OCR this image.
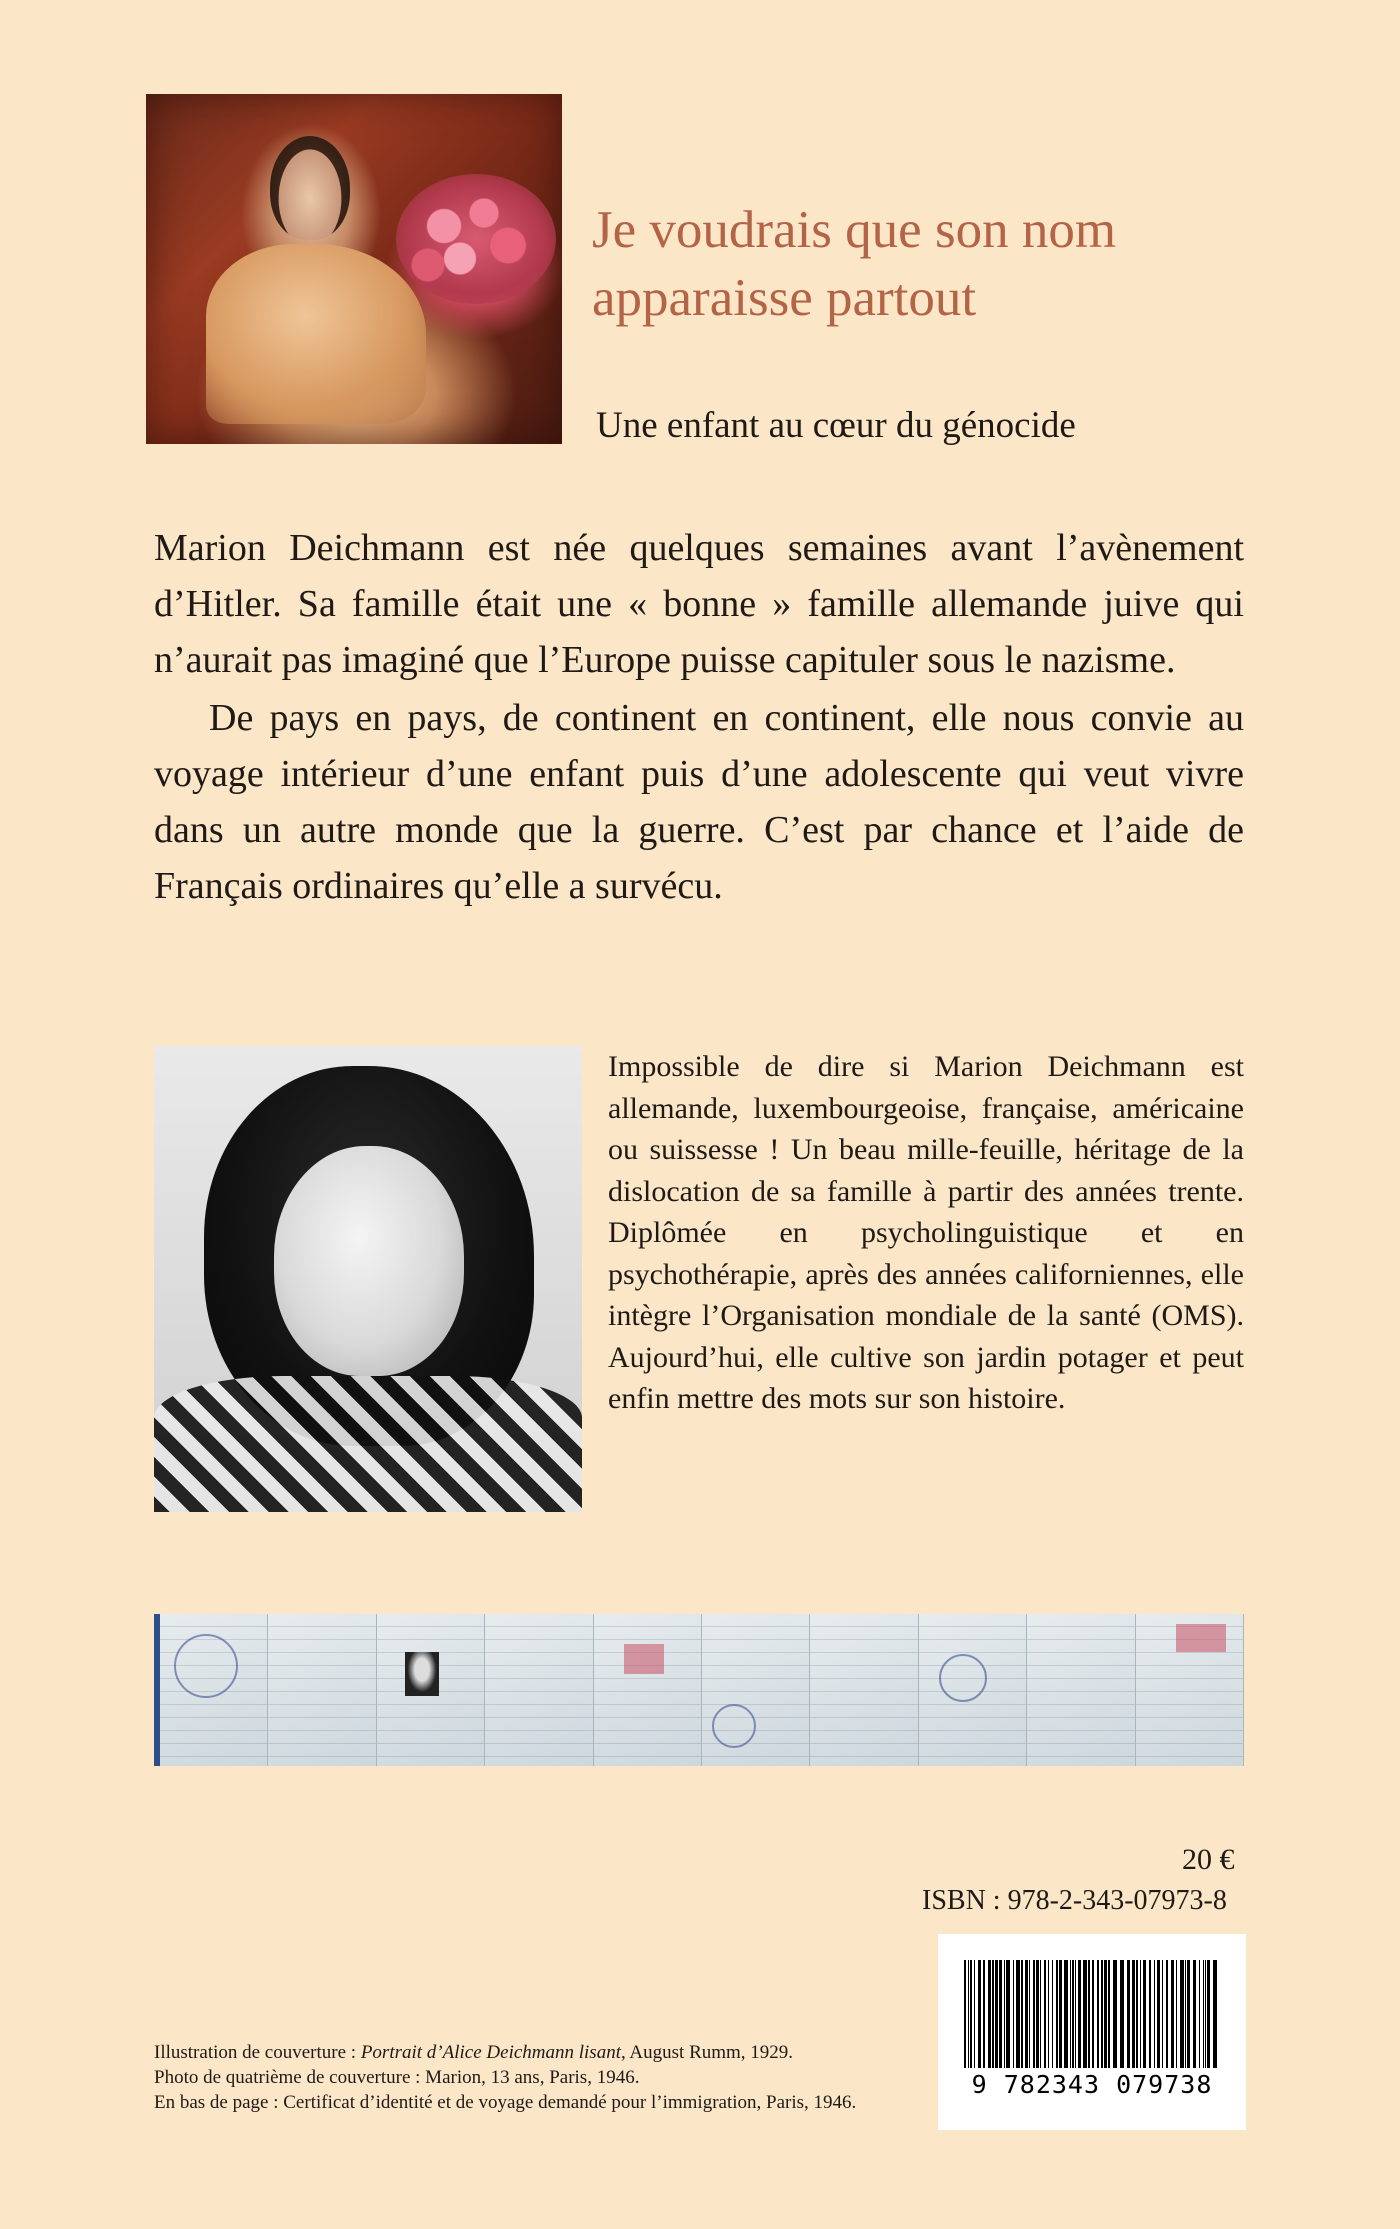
Je voudrais que son nom
apparaisse partout
Une enfant au cœur du génocide

Marion Deichmann est née quelques semaines avant l’avènement d’Hitler. Sa famille était une « bonne » famille allemande juive qui n’aurait pas imaginé que l’Europe puisse capituler sous le nazisme.

De pays en pays, de continent en continent, elle nous convie au voyage intérieur d’une enfant puis d’une adolescente qui veut vivre dans un autre monde que la guerre. C’est par chance et l’aide de Français ordinaires qu’elle a survécu.

Impossible de dire si Marion Deichmann est allemande, luxembourgeoise, française, américaine ou suissesse ! Un beau mille-feuille, héritage de la dislocation de sa famille à partir des années trente. Diplômée en psycholinguistique et en psychothérapie, après des années californiennes, elle intègre l’Organisation mondiale de la santé (OMS). Aujourd’hui, elle cultive son jardin potager et peut enfin mettre des mots sur son histoire.

20 €
ISBN : 978-2-343-07973-8
9 782343 079738
Illustration de couverture : Portrait d’Alice Deichmann lisant, August Rumm, 1929.
Photo de quatrième de couverture : Marion, 13 ans, Paris, 1946.
En bas de page : Certificat d’identité et de voyage demandé pour l’immigration, Paris, 1946.
